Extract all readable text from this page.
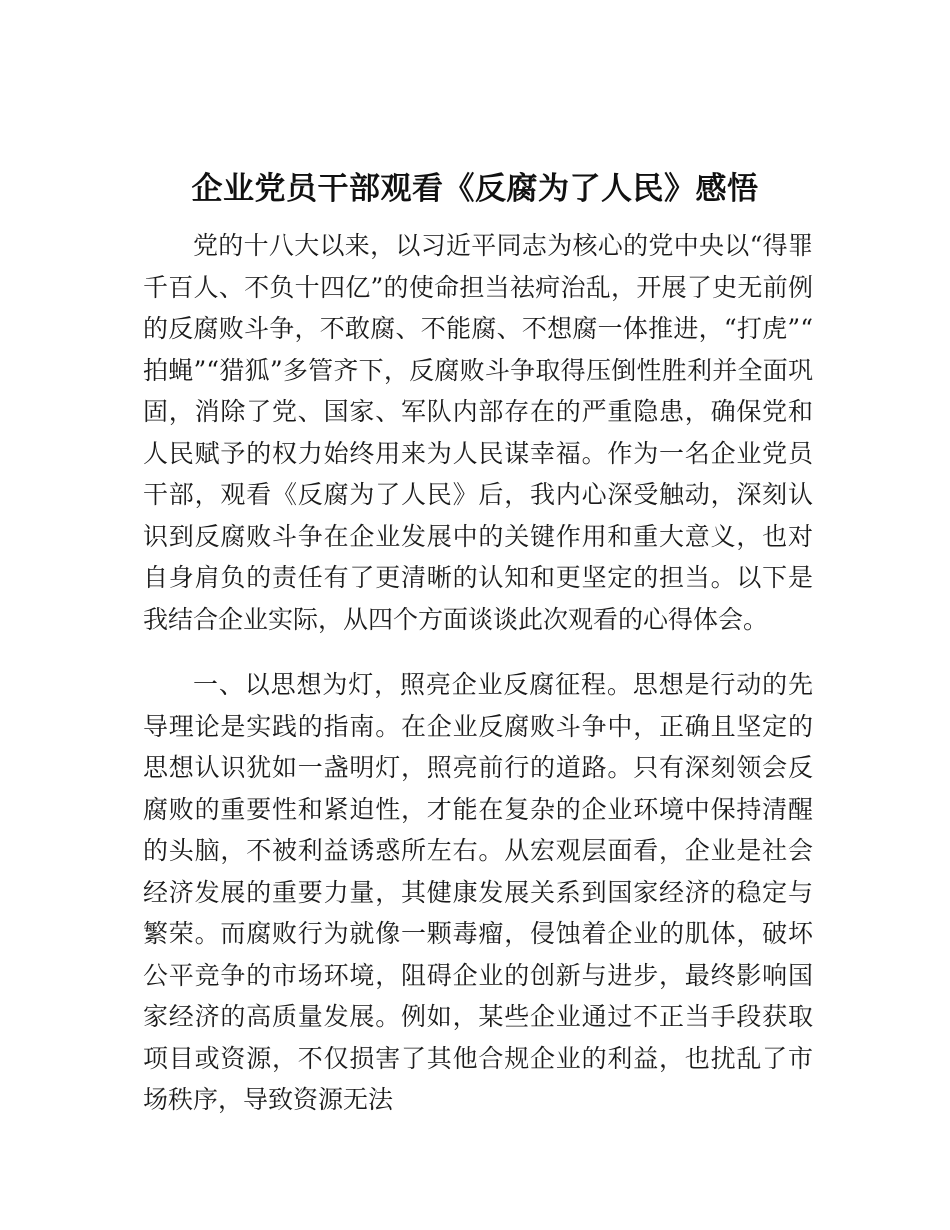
企业党员干部观看《反腐为了人民》感悟

党的十八大以来，以习近平同志为核心的党中央以“得罪千百人、不负十四亿”的使命担当祛疴治乱，开展了史无前例的反腐败斗争，不敢腐、不能腐、不想腐一体推进，“打虎”“拍蝇”“猎狐”多管齐下，反腐败斗争取得压倒性胜利并全面巩固，消除了党、国家、军队内部存在的严重隐患，确保党和人民赋予的权力始终用来为人民谋幸福。作为一名企业党员干部，观看《反腐为了人民》后，我内心深受触动，深刻认识到反腐败斗争在企业发展中的关键作用和重大意义，也对自身肩负的责任有了更清晰的认知和更坚定的担当。以下是我结合企业实际，从四个方面谈谈此次观看的心得体会。

一、以思想为灯，照亮企业反腐征程。思想是行动的先导理论是实践的指南。在企业反腐败斗争中，正确且坚定的思想认识犹如一盏明灯，照亮前行的道路。只有深刻领会反腐败的重要性和紧迫性，才能在复杂的企业环境中保持清醒的头脑，不被利益诱惑所左右。从宏观层面看，企业是社会经济发展的重要力量，其健康发展关系到国家经济的稳定与繁荣。而腐败行为就像一颗毒瘤，侵蚀着企业的肌体，破坏公平竞争的市场环境，阻碍企业的创新与进步，最终影响国家经济的高质量发展。例如，某些企业通过不正当手段获取项目或资源，不仅损害了其他合规企业的利益，也扰乱了市场秩序，导致资源无法
